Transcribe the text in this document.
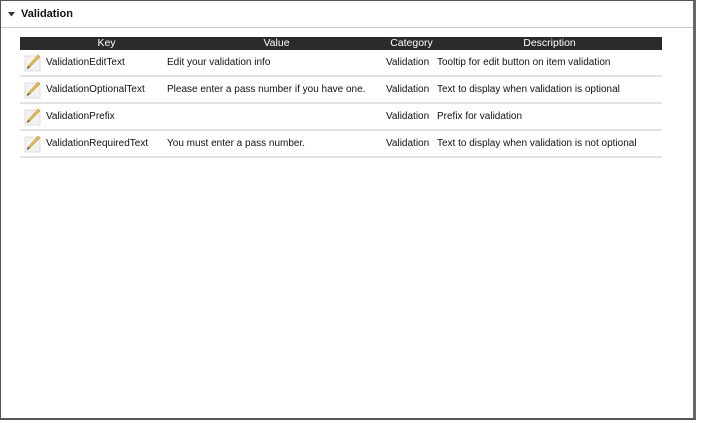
Validation
	Key	Value	Category	Description
	ValidationEditText	Edit your validation info	Validation	Tooltip for edit button on item validation
	ValidationOptionalText	Please enter a pass number if you have one.	Validation	Text to display when validation is optional
	ValidationPrefix		Validation	Prefix for validation
	ValidationRequiredText	You must enter a pass number.	Validation	Text to display when validation is not optional
